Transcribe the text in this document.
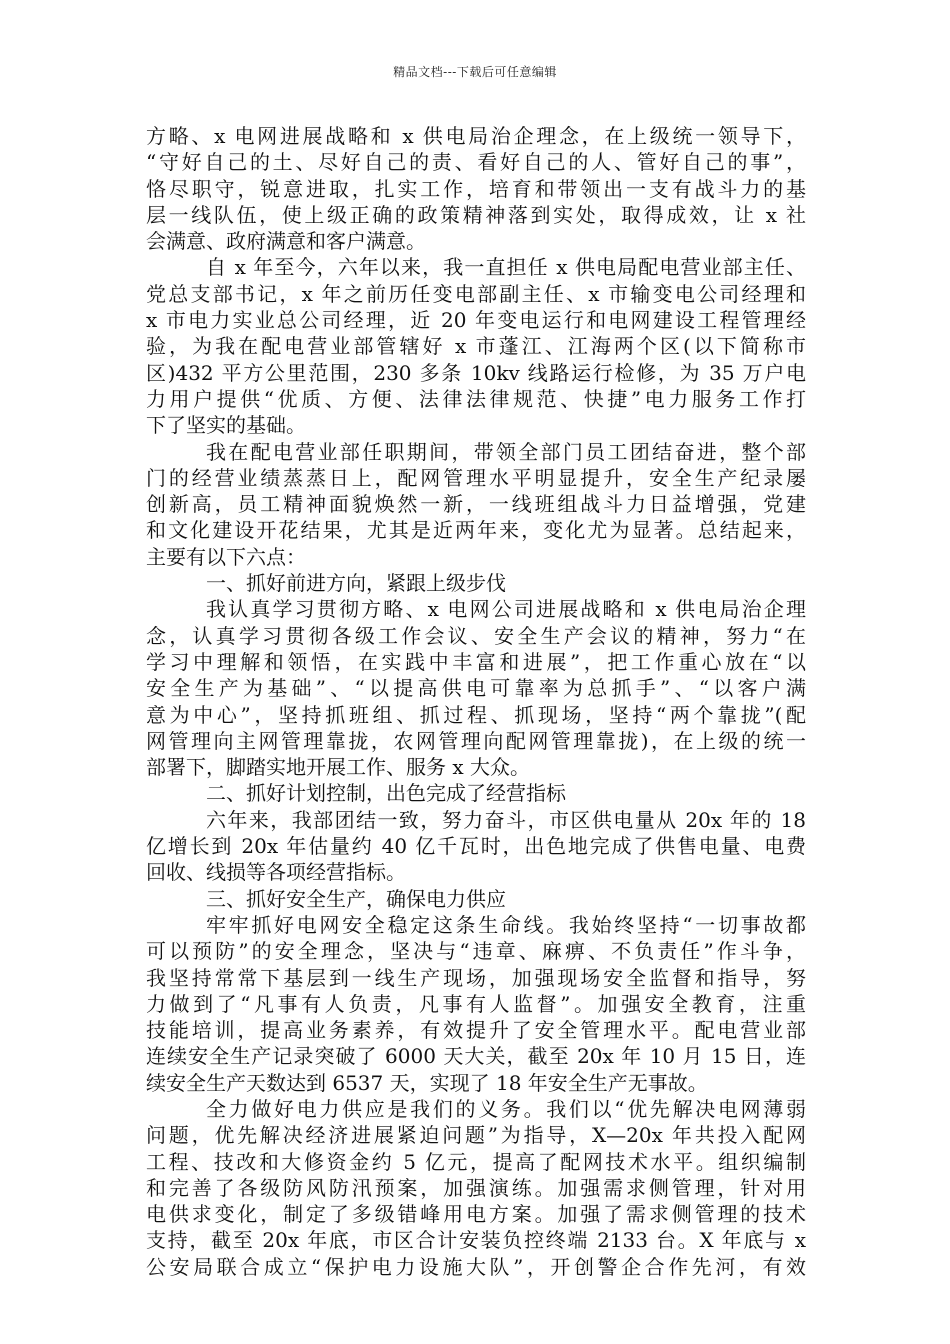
精品文档---下载后可任意编辑
方略、x 电网进展战略和 x 供电局治企理念，在上级统一领导下，
“守好自己的土、尽好自己的责、看好自己的人、管好自己的事”，
恪尽职守，锐意进取，扎实工作，培育和带领出一支有战斗力的基
层一线队伍，使上级正确的政策精神落到实处，取得成效，让 x 社
会满意、政府满意和客户满意。
自 x 年至今，六年以来，我一直担任 x 供电局配电营业部主任、
党总支部书记，x 年之前历任变电部副主任、x 市输变电公司经理和
x 市电力实业总公司经理，近 20 年变电运行和电网建设工程管理经
验，为我在配电营业部管辖好 x 市蓬江、江海两个区(以下简称市
区)432 平方公里范围，230 多条 10kv 线路运行检修，为 35 万户电
力用户提供“优质、方便、法律法律规范、快捷”电力服务工作打
下了坚实的基础。
我在配电营业部任职期间，带领全部门员工团结奋进，整个部
门的经营业绩蒸蒸日上，配网管理水平明显提升，安全生产纪录屡
创新高，员工精神面貌焕然一新，一线班组战斗力日益增强，党建
和文化建设开花结果，尤其是近两年来，变化尤为显著。总结起来，
主要有以下六点：
一、抓好前进方向，紧跟上级步伐
我认真学习贯彻方略、x 电网公司进展战略和 x 供电局治企理
念，认真学习贯彻各级工作会议、安全生产会议的精神，努力“在
学习中理解和领悟，在实践中丰富和进展”，把工作重心放在“以
安全生产为基础”、“以提高供电可靠率为总抓手”、“以客户满
意为中心”，坚持抓班组、抓过程、抓现场，坚持“两个靠拢”(配
网管理向主网管理靠拢，农网管理向配网管理靠拢)，在上级的统一
部署下，脚踏实地开展工作、服务 x 大众。
二、抓好计划控制，出色完成了经营指标
六年来，我部团结一致，努力奋斗，市区供电量从 20x 年的 18
亿增长到 20x 年估量约 40 亿千瓦时，出色地完成了供售电量、电费
回收、线损等各项经营指标。
三、抓好安全生产，确保电力供应
牢牢抓好电网安全稳定这条生命线。我始终坚持“一切事故都
可以预防”的安全理念，坚决与“违章、麻痹、不负责任”作斗争，
我坚持常常下基层到一线生产现场，加强现场安全监督和指导，努
力做到了“凡事有人负责，凡事有人监督”。加强安全教育，注重
技能培训，提高业务素养，有效提升了安全管理水平。配电营业部
连续安全生产记录突破了 6000 天大关，截至 20x 年 10 月 15 日，连
续安全生产天数达到 6537 天，实现了 18 年安全生产无事故。
全力做好电力供应是我们的义务。我们以“优先解决电网薄弱
问题，优先解决经济进展紧迫问题”为指导，X—20x 年共投入配网
工程、技改和大修资金约 5 亿元，提高了配网技术水平。组织编制
和完善了各级防风防汛预案，加强演练。加强需求侧管理，针对用
电供求变化，制定了多级错峰用电方案。加强了需求侧管理的技术
支持，截至 20x 年底，市区合计安装负控终端 2133 台。X 年底与 x
公安局联合成立“保护电力设施大队”，开创警企合作先河，有效
